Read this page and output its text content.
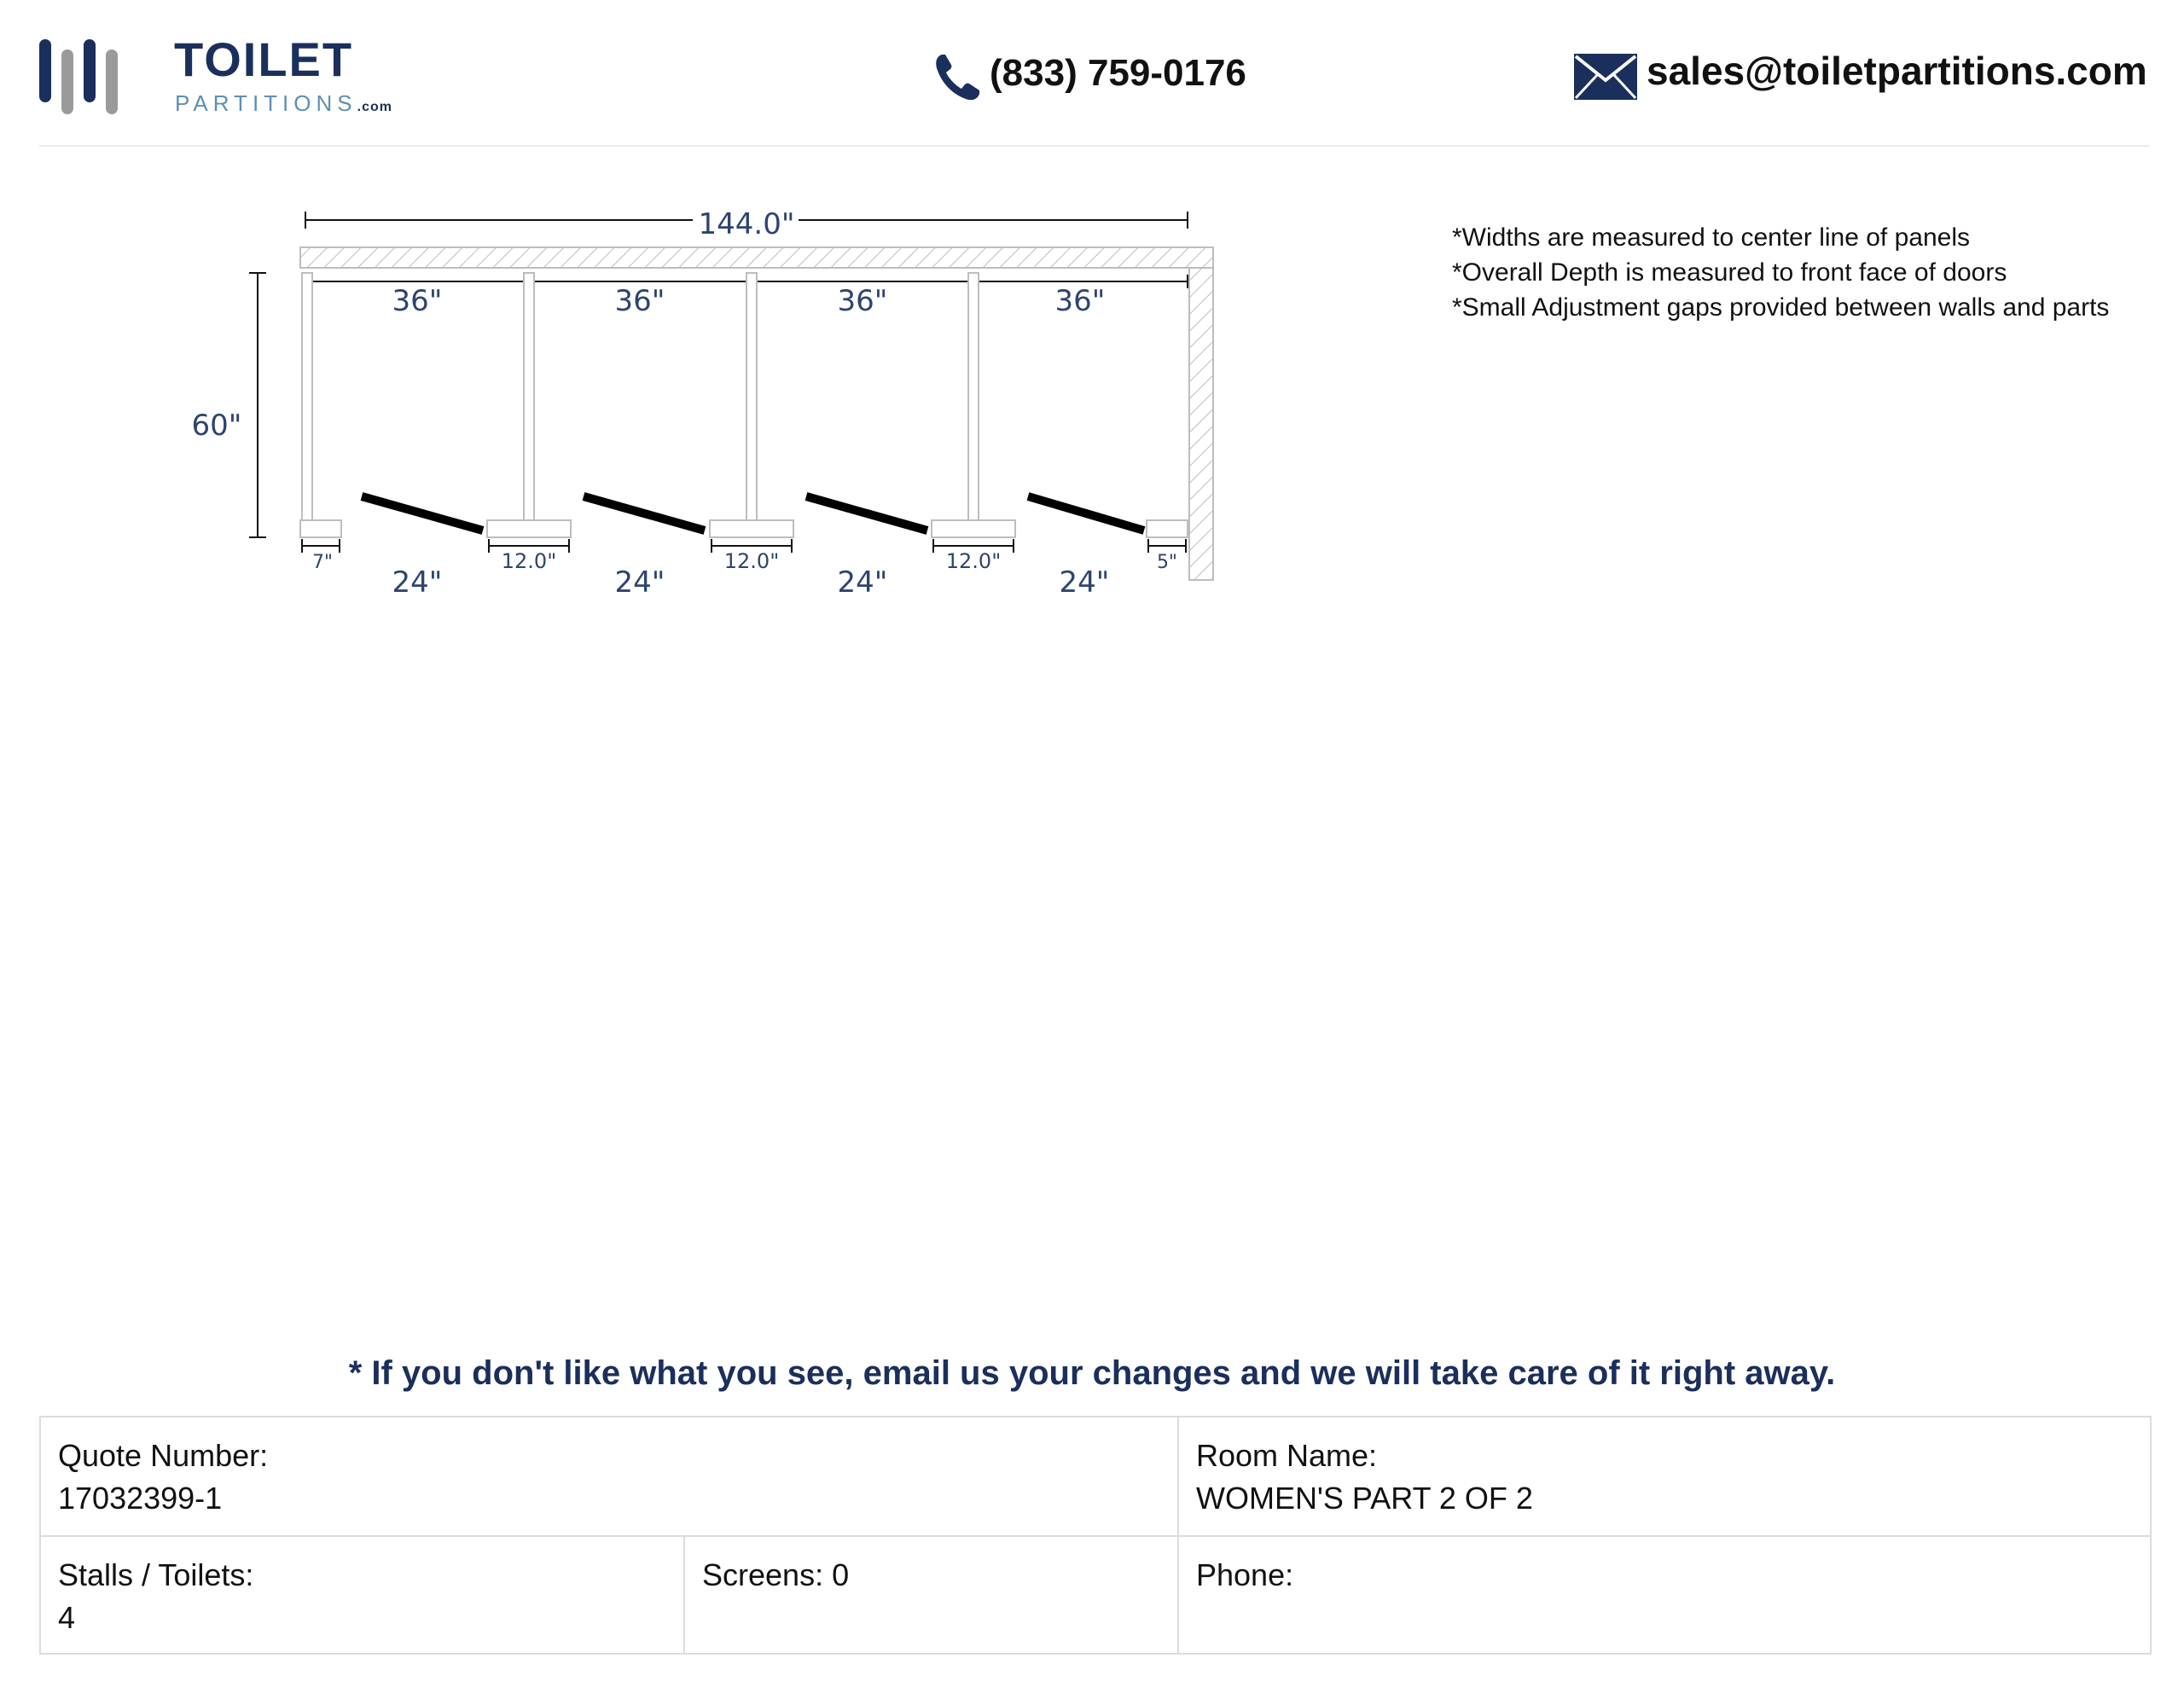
TOILET
PARTITIONS.com
(833) 759-0176	sales@toiletpartitions.com
144.0"
60"
36"	36"	36"	36"
24"	24"	24"	24"
7"	12.0"	12.0"	12.0"	5"
*Widths are measured to center line of panels
*Overall Depth is measured to front face of doors
*Small Adjustment gaps provided between walls and parts
* If you don't like what you see, email us your changes and we will take care of it right away.
Quote Number:
17032399-1
Room Name:
WOMEN'S PART 2 OF 2
Stalls / Toilets:
4
Screens: 0	Phone:
